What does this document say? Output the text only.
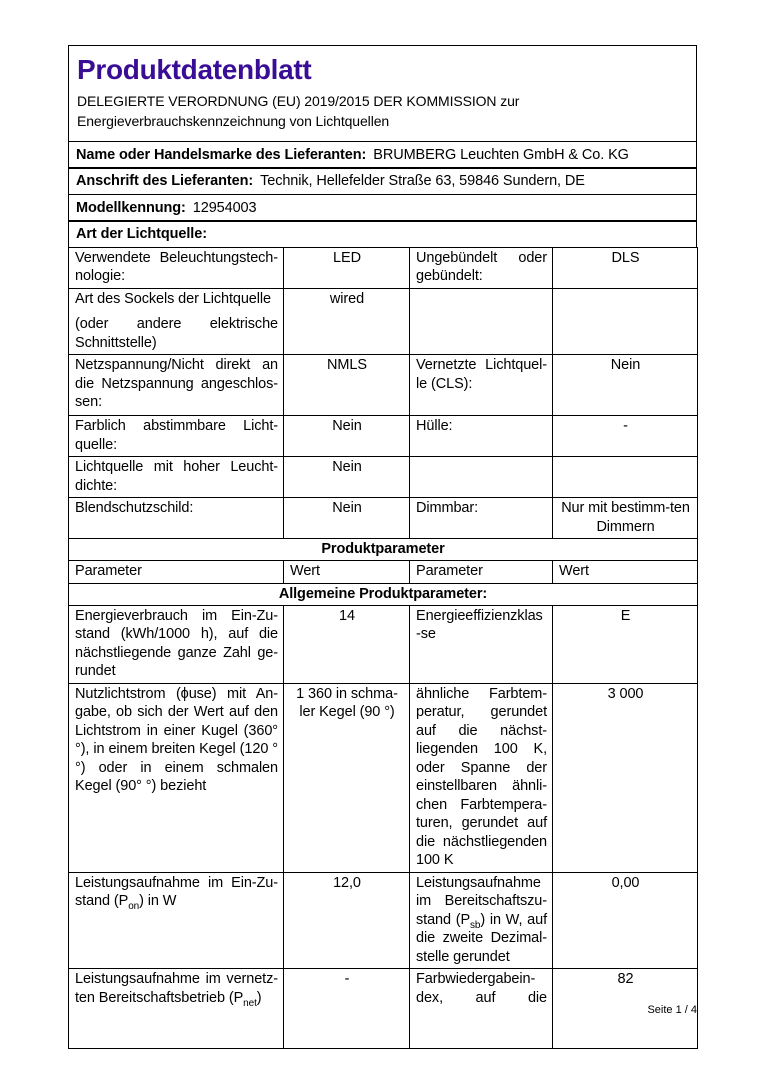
Produktdatenblatt
DELEGIERTE VERORDNUNG (EU) 2019/2015 DER KOMMISSION zur
Energieverbrauchskennzeichnung von Lichtquellen
Name oder Handelsmarke des Lieferanten: BRUMBERG Leuchten GmbH & Co. KG
Anschrift des Lieferanten: Technik, Hellefelder Straße 63, 59846 Sundern, DE
Modellkennung: 12954003
Art der Lichtquelle:
Verwendete Beleuchtungstech-nologie:	LED	Ungebündelt oder gebündelt:	DLS
Art des Sockels der Lichtquelle
(oder andere elektrische Schnittstelle)	wired		
Netzspannung/Nicht direkt an die Netzspannung angeschlos-sen:	NMLS	Vernetzte Lichtquel-le (CLS):	Nein
Farblich abstimmbare Licht-quelle:	Nein	Hülle:	-
Lichtquelle mit hoher Leucht-dichte:	Nein		
Blendschutzschild:	Nein	Dimmbar:	Nur mit bestimm-ten Dimmern
Produktparameter			
Parameter	Wert	Parameter	Wert
Allgemeine Produktparameter:			
Energieverbrauch im Ein-Zu-stand (kWh/1000 h), auf die nächstliegende ganze Zahl ge-rundet	14	Energieeffizienzklas-se	E
Nutzlichtstrom (ϕuse) mit An-gabe, ob sich der Wert auf den Lichtstrom in einer Kugel (360° °), in einem breiten Kegel (120 °°) oder in einem schmalen Kegel (90° °) bezieht	1 360 in schma-ler Kegel (90 °)	ähnliche Farbtem-peratur, gerundet auf die nächst-liegenden 100 K, oder Spanne der einstellbaren ähnli-chen Farbtempera-turen, gerundet auf die nächstliegenden 100 K	3 000
Leistungsaufnahme im Ein-Zu-stand $(P_{on})$ in W	12,0	Leistungsaufnahme im Bereitschaftszu-stand $(P_{sb})$ in W, auf die zweite Dezimal-stelle gerundet	0,00
Leistungsaufnahme im vernetz-ten Bereitschaftsbetrieb $(P_{net})$	-	Farbwiedergabein-dex, auf die	82
Seite 1 / 4
